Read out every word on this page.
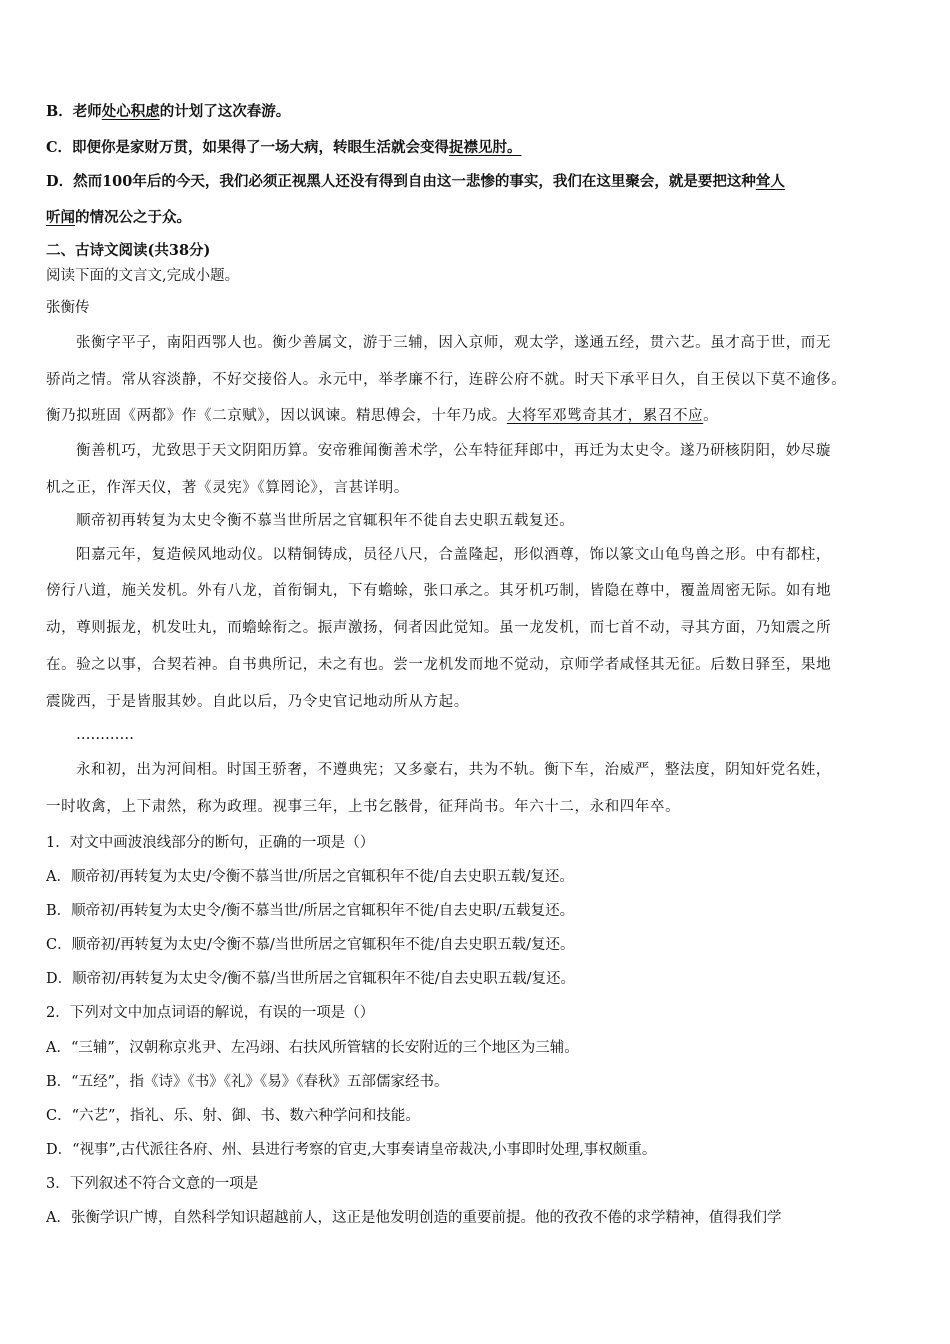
B．老师处心积虑的计划了这次春游。
C．即便你是家财万贯，如果得了一场大病，转眼生活就会变得捉襟见肘。
D．然而100年后的今天，我们必须正视黑人还没有得到自由这一悲惨的事实，我们在这里聚会，就是要把这种耸人
听闻的情况公之于众。
二、古诗文阅读(共38分)
阅读下面的文言文,完成小题。
张衡传
张衡字平子，南阳西鄂人也。衡少善属文，游于三辅，因入京师，观太学，遂通五经，贯六艺。虽才高于世，而无
骄尚之情。常从容淡静，不好交接俗人。永元中，举孝廉不行，连辟公府不就。时天下承平日久，自王侯以下莫不逾侈。
衡乃拟班固《两都》作《二京赋》，因以讽谏。精思傅会，十年乃成。大将军邓骘奇其才，累召不应。
衡善机巧，尤致思于天文阴阳历算。安帝雅闻衡善术学，公车特征拜郎中，再迁为太史令。遂乃研核阴阳，妙尽璇
机之正，作浑天仪，著《灵宪》《算罔论》，言甚详明。
顺帝初再转复为太史令衡不慕当世所居之官辄积年不徙自去史职五载复还。
阳嘉元年，复造候风地动仪。以精铜铸成，员径八尺，合盖隆起，形似酒尊，饰以篆文山龟鸟兽之形。中有都柱，
傍行八道，施关发机。外有八龙，首衔铜丸，下有蟾蜍，张口承之。其牙机巧制，皆隐在尊中，覆盖周密无际。如有地
动，尊则振龙，机发吐丸，而蟾蜍衔之。振声激扬，伺者因此觉知。虽一龙发机，而七首不动，寻其方面，乃知震之所
在。验之以事，合契若神。自书典所记，未之有也。尝一龙机发而地不觉动，京师学者咸怪其无征。后数日驿至，果地
震陇西，于是皆服其妙。自此以后，乃令史官记地动所从方起。
…………
永和初，出为河间相。时国王骄奢，不遵典宪；又多豪右，共为不轨。衡下车，治威严，整法度，阴知奸党名姓，
一时收禽，上下肃然，称为政理。视事三年，上书乞骸骨，征拜尚书。年六十二，永和四年卒。
1．对文中画波浪线部分的断句，正确的一项是（）
A．顺帝初/再转复为太史/令衡不慕当世/所居之官辄积年不徙/自去史职五载/复还。
B．顺帝初/再转复为太史令/衡不慕当世/所居之官辄积年不徙/自去史职/五载复还。
C．顺帝初/再转复为太史/令衡不慕/当世所居之官辄积年不徙/自去史职五载/复还。
D．顺帝初/再转复为太史令/衡不慕/当世所居之官辄积年不徙/自去史职五载/复还。
2．下列对文中加点词语的解说，有误的一项是（）
A．“三辅”，汉朝称京兆尹、左冯翊、右扶风所管辖的长安附近的三个地区为三辅。
B．“五经”，指《诗》《书》《礼》《易》《春秋》五部儒家经书。
C．“六艺”，指礼、乐、射、御、书、数六种学问和技能。
D．“视事”,古代派往各府、州、县进行考察的官吏,大事奏请皇帝裁决,小事即时处理,事权颇重。
3．下列叙述不符合文意的一项是
A．张衡学识广博，自然科学知识超越前人，这正是他发明创造的重要前提。他的孜孜不倦的求学精神，值得我们学
